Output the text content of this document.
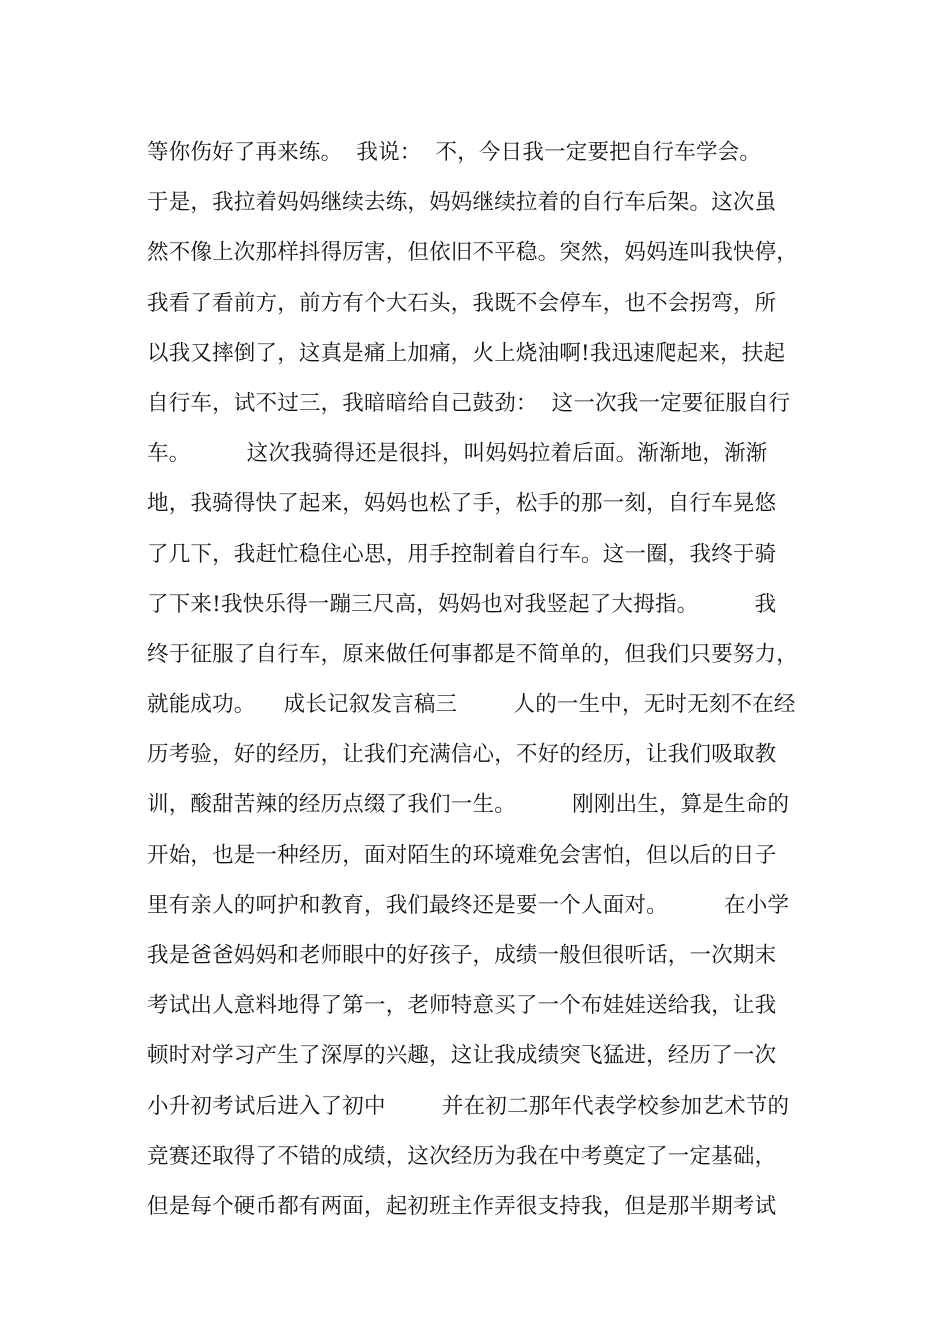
等你伤好了再来练。  我说：  不，今日我一定要把自行车学会。
于是，我拉着妈妈继续去练，妈妈继续拉着的自行车后架。这次虽
然不像上次那样抖得厉害，但依旧不平稳。突然，妈妈连叫我快停，
我看了看前方，前方有个大石头，我既不会停车，也不会拐弯，所
以我又摔倒了，这真是痛上加痛，火上烧油啊!我迅速爬起来，扶起
自行车，试不过三，我暗暗给自己鼓劲：  这一次我一定要征服自行
车。        这次我骑得还是很抖，叫妈妈拉着后面。渐渐地，渐渐
地，我骑得快了起来，妈妈也松了手，松手的那一刻，自行车晃悠
了几下，我赶忙稳住心思，用手控制着自行车。这一圈，我终于骑
了下来!我快乐得一蹦三尺高，妈妈也对我竖起了大拇指。        我
终于征服了自行车，原来做任何事都是不简单的，但我们只要努力，
就能成功。    成长记叙发言稿三        人的一生中，无时无刻不在经
历考验，好的经历，让我们充满信心，不好的经历，让我们吸取教
训，酸甜苦辣的经历点缀了我们一生。        刚刚出生，算是生命的
开始，也是一种经历，面对陌生的环境难免会害怕，但以后的日子
里有亲人的呵护和教育，我们最终还是要一个人面对。        在小学
我是爸爸妈妈和老师眼中的好孩子，成绩一般但很听话，一次期末
考试出人意料地得了第一，老师特意买了一个布娃娃送给我，让我
顿时对学习产生了深厚的兴趣，这让我成绩突飞猛进，经历了一次
小升初考试后进入了初中        并在初二那年代表学校参加艺术节的
竞赛还取得了不错的成绩，这次经历为我在中考奠定了一定基础，
但是每个硬币都有两面，起初班主作弄很支持我，但是那半期考试
